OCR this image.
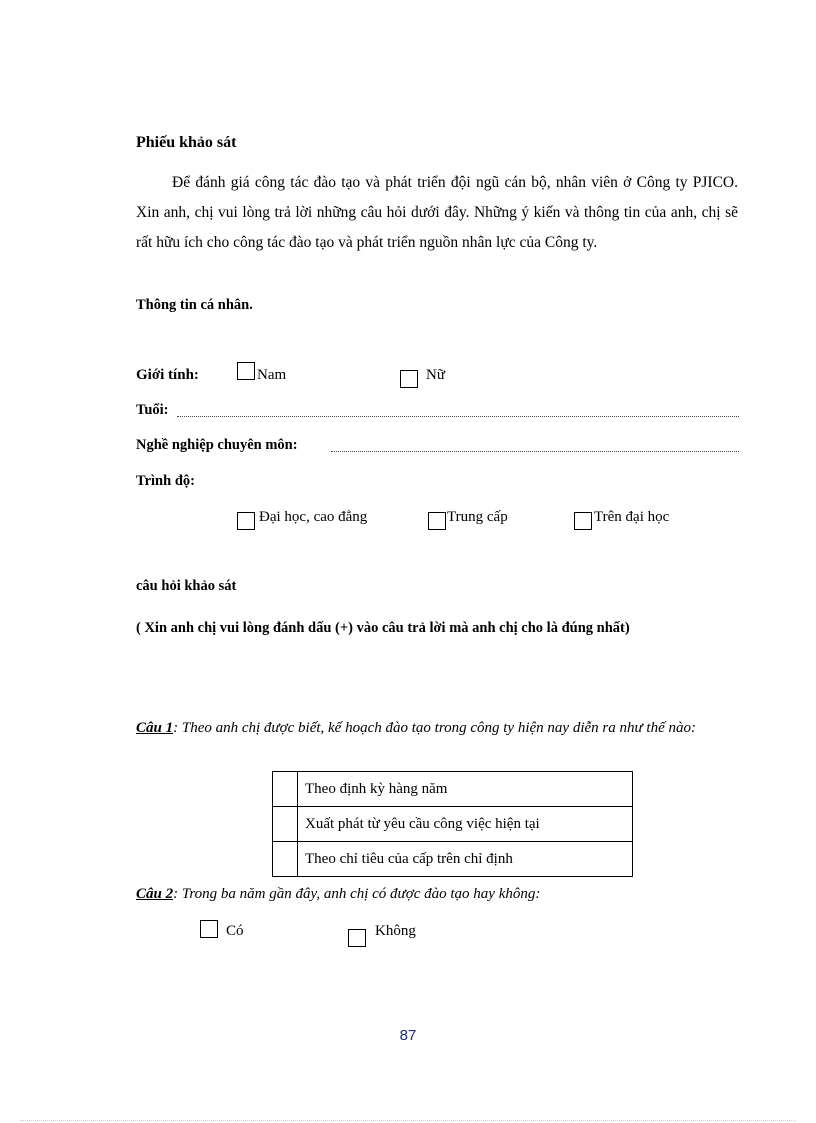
Phiếu khảo sát
Để đánh giá công tác đào tạo và phát triển đội ngũ cán bộ, nhân viên ở Công ty PJICO. Xin anh, chị vui lòng trả lời những câu hỏi dưới đây. Những ý kiến và thông tin của anh, chị sẽ rất hữu ích cho công tác đào tạo và phát triển nguồn nhân lực của Công ty.
Thông tin cá nhân.
Giới tính:	Nam	Nữ
Tuổi:
Nghề nghiệp chuyên môn:
Trình độ:
Đại học, cao đẳng	Trung cấp	Trên đại học
câu hỏi khảo sát
( Xin anh chị vui lòng đánh dấu (+) vào câu trả lời mà anh chị cho là đúng nhất)
Câu 1: Theo anh chị được biết, kế hoạch đào tạo trong công ty hiện nay diễn ra như thế nào:
	Theo định kỳ hàng năm
	Xuất phát từ yêu cầu công việc hiện tại
	Theo chỉ tiêu của cấp trên chỉ định
Câu 2: Trong ba năm gần đây, anh chị có được đào tạo hay không:
Có	Không
87
